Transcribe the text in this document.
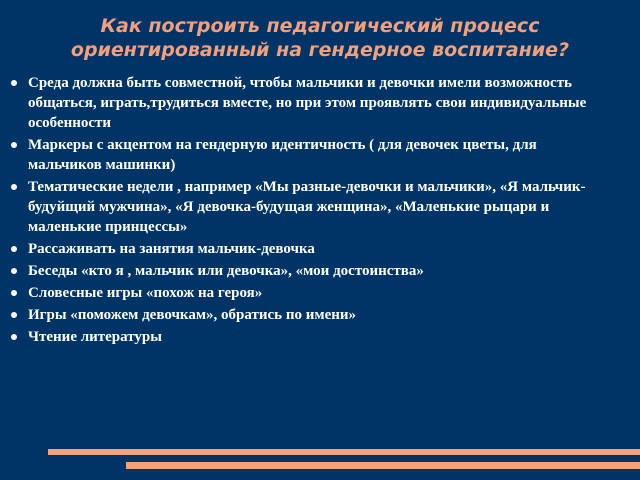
Как построить педагогический процесс
ориентированный на гендерное воспитание?
Среда должна быть совместной, чтобы мальчики и девочки имели возможность общаться, играть,трудиться вместе, но при этом проявлять свои индивидуальные особенности
Маркеры с акцентом на гендерную идентичность ( для девочек цветы, для мальчиков машинки)
Тематические недели , например «Мы разные-девочки и мальчики», «Я мальчик-будуйщий мужчина», «Я девочка-будущая женщина», «Маленькие рыцари и маленькие принцессы»
Рассаживать на занятия мальчик-девочка
Беседы «кто я , мальчик или девочка», «мои достоинства»
Словесные игры «похож на героя»
Игры «поможем девочкам», обратись по имени»
Чтение литературы
